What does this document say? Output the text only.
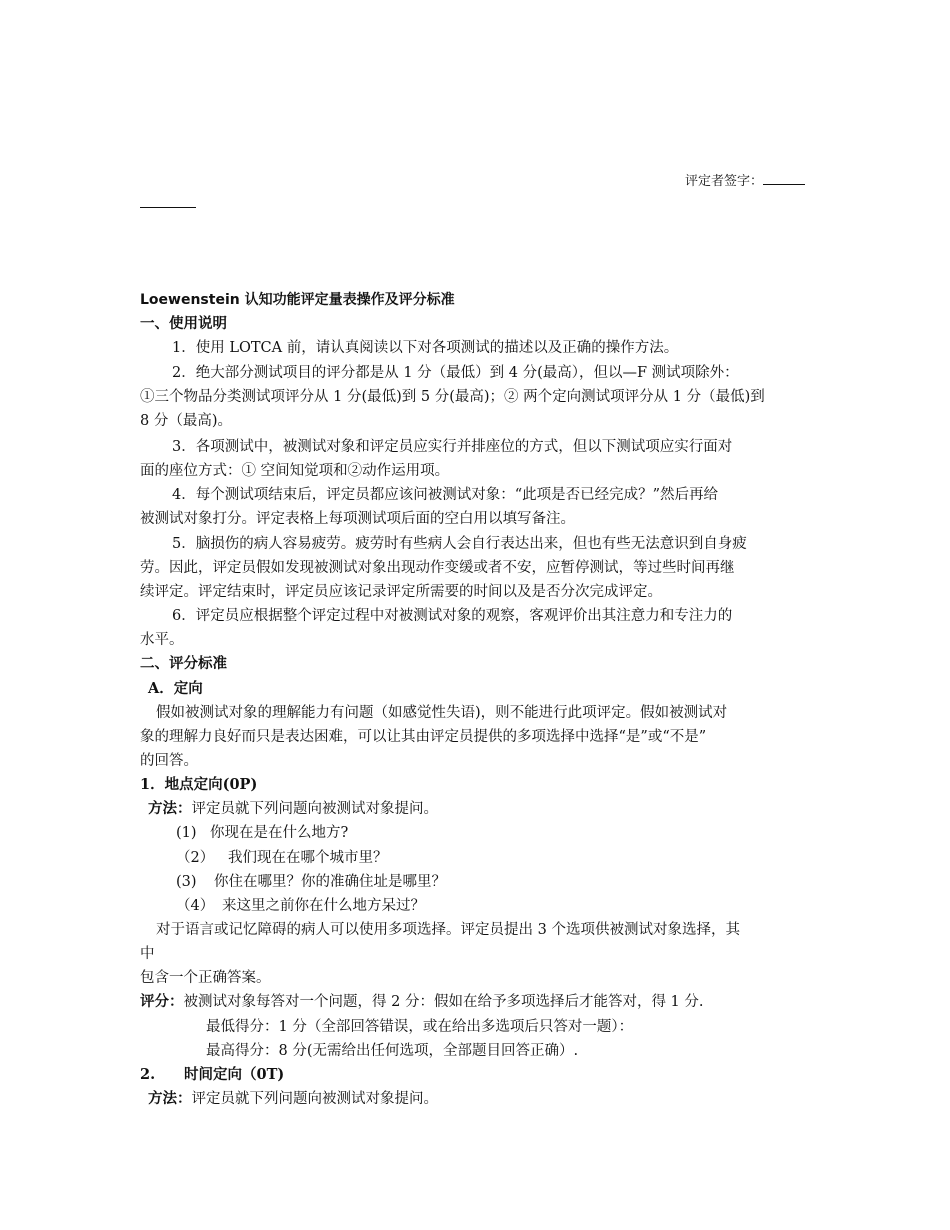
评定者签字：
Loewenstein 认知功能评定量表操作及评分标准
一、使用说明
1．使用 LOTCA 前，请认真阅读以下对各项测试的描述以及正确的操作方法。
2．绝大部分测试项目的评分都是从 1 分（最低）到 4 分(最高），但以—F 测试项除外：
①三个物品分类测试项评分从 1 分(最低)到 5 分(最高)；② 两个定向测试项评分从 1 分（最低)到
8 分（最高)。
3．各项测试中，被测试对象和评定员应实行并排座位的方式，但以下测试项应实行面对
面的座位方式：① 空间知觉项和②动作运用项。
4．每个测试项结束后，评定员都应该问被测试对象：“此项是否已经完成？”然后再给
被测试对象打分。评定表格上每项测试项后面的空白用以填写备注。
5．脑损伤的病人容易疲劳。疲劳时有些病人会自行表达出来，但也有些无法意识到自身疲
劳。因此，评定员假如发现被测试对象出现动作变缓或者不安，应暂停测试，等过些时间再继
续评定。评定结束时，评定员应该记录评定所需要的时间以及是否分次完成评定。
6．评定员应根据整个评定过程中对被测试对象的观察，客观评价出其注意力和专注力的
水平。
二、评分标准
A．定向
假如被测试对象的理解能力有问题（如感觉性失语)，则不能进行此项评定。假如被测试对
象的理解力良好而只是表达困难，可以让其由评定员提供的多项选择中选择“是”或“不是”
的回答。
1．地点定向(0P)
方法：评定员就下列问题向被测试对象提问。
(1) 你现在是在什么地方?
（2） 我们现在在哪个城市里？
(3) 你住在哪里？你的准确住址是哪里？
（4） 来这里之前你在什么地方呆过？
对于语言或记忆障碍的病人可以使用多项选择。评定员提出 3 个选项供被测试对象选择，其
中
包含一个正确答案。
评分：被测试对象每答对一个问题，得 2 分：假如在给予多项选择后才能答对，得 1 分.
最低得分：1 分（全部回答错误，或在给出多选项后只答对一题）：
最高得分：8 分(无需给出任何选项，全部题目回答正确）.
2. 时间定向（0T)
方法：评定员就下列问题向被测试对象提问。
